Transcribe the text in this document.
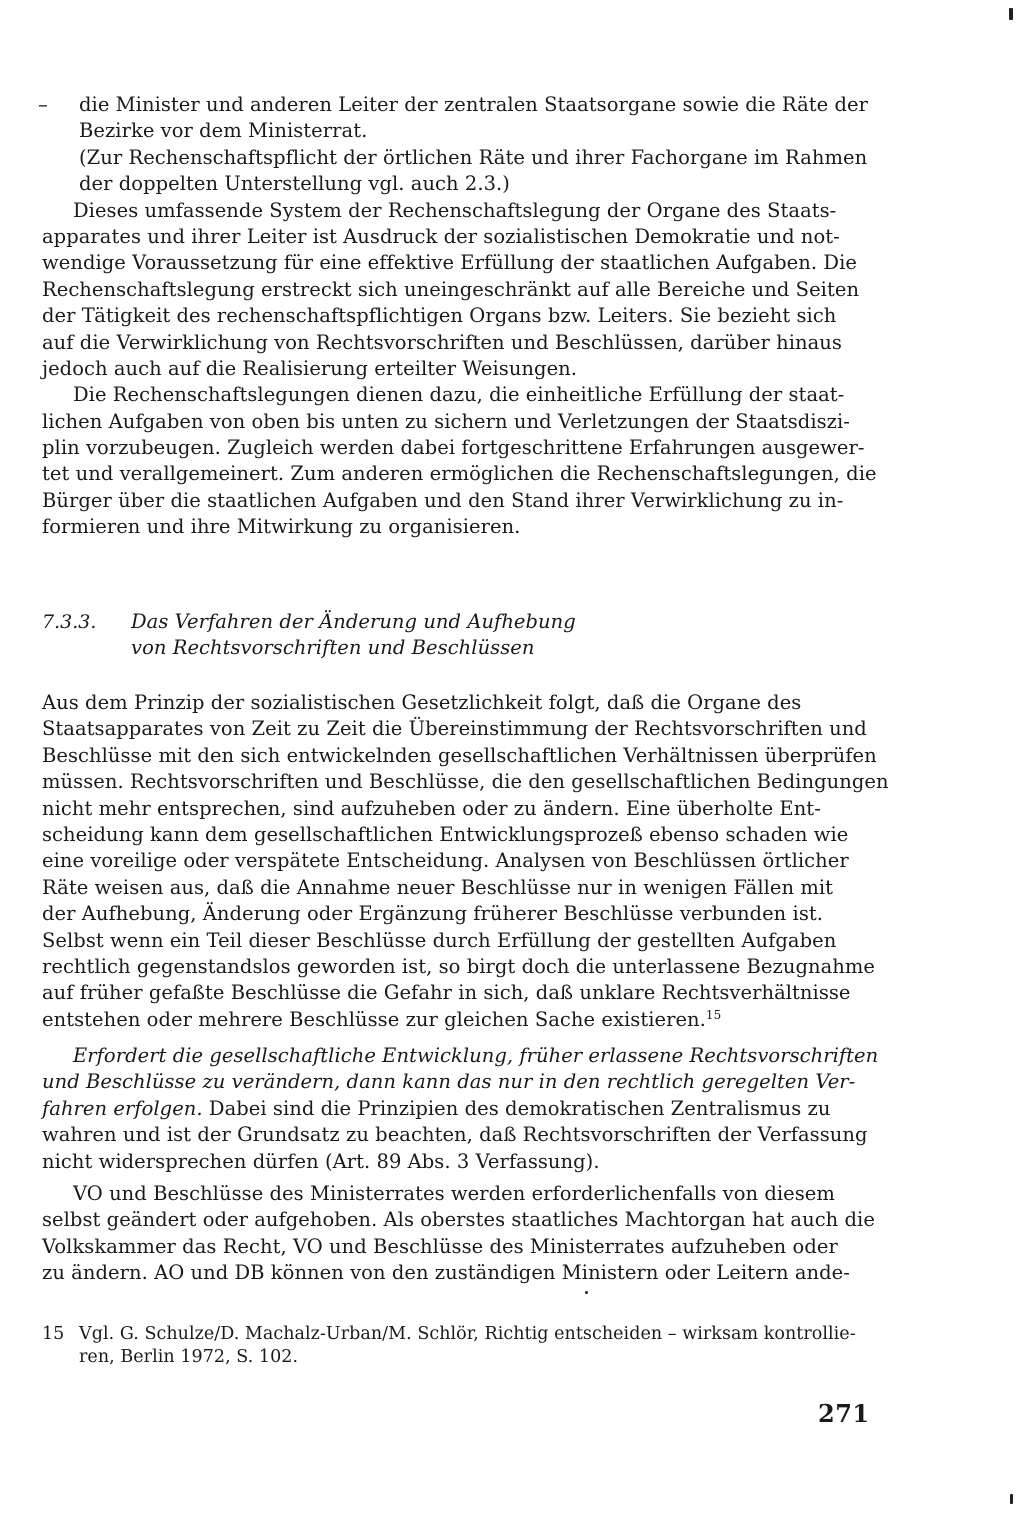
– die Minister und anderen Leiter der zentralen Staatsorgane sowie die Räte der
Bezirke vor dem Ministerrat.
(Zur Rechenschaftspflicht der örtlichen Räte und ihrer Fachorgane im Rahmen
der doppelten Unterstellung vgl. auch 2.3.)
Dieses umfassende System der Rechenschaftslegung der Organe des Staats-
apparates und ihrer Leiter ist Ausdruck der sozialistischen Demokratie und not-
wendige Voraussetzung für eine effektive Erfüllung der staatlichen Aufgaben. Die
Rechenschaftslegung erstreckt sich uneingeschränkt auf alle Bereiche und Seiten
der Tätigkeit des rechenschaftspflichtigen Organs bzw. Leiters. Sie bezieht sich
auf die Verwirklichung von Rechtsvorschriften und Beschlüssen, darüber hinaus
jedoch auch auf die Realisierung erteilter Weisungen.
Die Rechenschaftslegungen dienen dazu, die einheitliche Erfüllung der staat-
lichen Aufgaben von oben bis unten zu sichern und Verletzungen der Staatsdiszi-
plin vorzubeugen. Zugleich werden dabei fortgeschrittene Erfahrungen ausgewer-
tet und verallgemeinert. Zum anderen ermöglichen die Rechenschaftslegungen, die
Bürger über die staatlichen Aufgaben und den Stand ihrer Verwirklichung zu in-
formieren und ihre Mitwirkung zu organisieren.
7.3.3. Das Verfahren der Änderung und Aufhebung
von Rechtsvorschriften und Beschlüssen
Aus dem Prinzip der sozialistischen Gesetzlichkeit folgt, daß die Organe des
Staatsapparates von Zeit zu Zeit die Übereinstimmung der Rechtsvorschriften und
Beschlüsse mit den sich entwickelnden gesellschaftlichen Verhältnissen überprüfen
müssen. Rechtsvorschriften und Beschlüsse, die den gesellschaftlichen Bedingungen
nicht mehr entsprechen, sind aufzuheben oder zu ändern. Eine überholte Ent-
scheidung kann dem gesellschaftlichen Entwicklungsprozeß ebenso schaden wie
eine voreilige oder verspätete Entscheidung. Analysen von Beschlüssen örtlicher
Räte weisen aus, daß die Annahme neuer Beschlüsse nur in wenigen Fällen mit
der Aufhebung, Änderung oder Ergänzung früherer Beschlüsse verbunden ist.
Selbst wenn ein Teil dieser Beschlüsse durch Erfüllung der gestellten Aufgaben
rechtlich gegenstandslos geworden ist, so birgt doch die unterlassene Bezugnahme
auf früher gefaßte Beschlüsse die Gefahr in sich, daß unklare Rechtsverhältnisse
entstehen oder mehrere Beschlüsse zur gleichen Sache existieren.$^{15}$
Erfordert die gesellschaftliche Entwicklung, früher erlassene Rechtsvorschriften
und Beschlüsse zu verändern, dann kann das nur in den rechtlich geregelten Ver-
fahren erfolgen. Dabei sind die Prinzipien des demokratischen Zentralismus zu
wahren und ist der Grundsatz zu beachten, daß Rechtsvorschriften der Verfassung
nicht widersprechen dürfen (Art. 89 Abs. 3 Verfassung).
VO und Beschlüsse des Ministerrates werden erforderlichenfalls von diesem
selbst geändert oder aufgehoben. Als oberstes staatliches Machtorgan hat auch die
Volkskammer das Recht, VO und Beschlüsse des Ministerrates aufzuheben oder
zu ändern. AO und DB können von den zuständigen Ministern oder Leitern ande-
15 Vgl. G. Schulze/D. Machalz-Urban/M. Schlör, Richtig entscheiden – wirksam kontrollie-
ren, Berlin 1972, S. 102.
271
